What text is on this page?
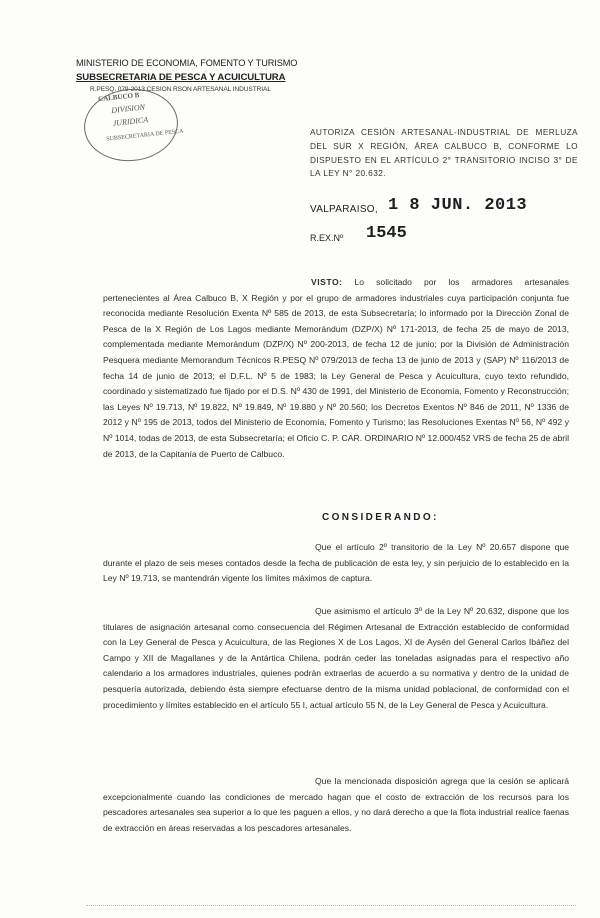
MINISTERIO DE ECONOMIA, FOMENTO Y TURISMO
SUBSECRETARIA DE PESCA Y ACUICULTURA
R.PESQ. 079-2013 CESION RSON ARTESANAL INDUSTRIAL
CALBUCO B
DIVISION
JURIDICA
SUBSECRETARIA DE PESCA	AUTORIZA CESIÓN ARTESANAL-INDUSTRIAL DE MERLUZA DEL SUR X REGIÓN, ÁREA CALBUCO B, CONFORME LO DISPUESTO EN EL ARTÍCULO 2° TRANSITORIO INCISO 3° DE LA LEY N° 20.632.
VALPARAISO, 1 8 JUN. 2013
R.EX.Nº 1545
VISTO: Lo solicitado por los armadores artesanales pertenecientes al Área Calbuco B, X Región y por el grupo de armadores industriales cuya participación conjunta fue reconocida mediante Resolución Exenta Nº 585 de 2013, de esta Subsecretaría; lo informado por la Dirección Zonal de Pesca de la X Región de Los Lagos mediante Memorándum (DZP/X) Nº 171-2013, de fecha 25 de mayo de 2013, complementada mediante Memorándum (DZP/X) Nº 200-2013, de fecha 12 de junio; por la División de Administración Pesquera mediante Memorandum Técnicos R.PESQ Nº 079/2013 de fecha 13 de junio de 2013 y (SAP) Nº 116/2013 de fecha 14 de junio de 2013; el D.F.L. Nº 5 de 1983; la Ley General de Pesca y Acuicultura, cuyo texto refundido, coordinado y sistematizado fue fijado por el D.S. Nº 430 de 1991, del Ministerio de Economía, Fomento y Reconstrucción; las Leyes Nº 19.713, Nº 19.822, Nº 19.849, Nº 19.880 y Nº 20.560; los Decretos Exentos Nº 846 de 2011, Nº 1336 de 2012 y Nº 195 de 2013, todos del Ministerio de Economía, Fomento y Turismo; las Resoluciones Exentas Nº 56, Nº 492 y Nº 1014, todas de 2013, de esta Subsecretaría; el Oficio C. P. CAR. ORDINARIO Nº 12.000/452 VRS de fecha 25 de abril de 2013, de la Capitanía de Puerto de Calbuco.
CONSIDERANDO:
Que el artículo 2º transitorio de la Ley Nº 20.657 dispone que durante el plazo de seis meses contados desde la fecha de publicación de esta ley, y sin perjuicio de lo establecido en la Ley Nº 19.713, se mantendrán vigente los límites máximos de captura.
Que asimismo el artículo 3º de la Ley Nº 20.632, dispone que los titulares de asignación artesanal como consecuencia del Régimen Artesanal de Extracción establecido de conformidad con la Ley General de Pesca y Acuicultura, de las Regiones X de Los Lagos, XI de Aysén del General Carlos Ibáñez del Campo y XII de Magallanes y de la Antártica Chilena, podrán ceder las toneladas asignadas para el respectivo año calendario a los armadores industriales, quienes podrán extraerlas de acuerdo a su normativa y dentro de la unidad de pesquería autorizada, debiendo ésta siempre efectuarse dentro de la misma unidad poblacional, de conformidad con el procedimiento y límites establecido en el artículo 55 I, actual artículo 55 N, de la Ley General de Pesca y Acuicultura.
Que la mencionada disposición agrega que la cesión se aplicará excepcionalmente cuando las condiciones de mercado hagan que el costo de extracción de los recursos para los pescadores artesanales sea superior a lo que les paguen a ellos, y no dará derecho a que la flota industrial realice faenas de extracción en áreas reservadas a los pescadores artesanales.
